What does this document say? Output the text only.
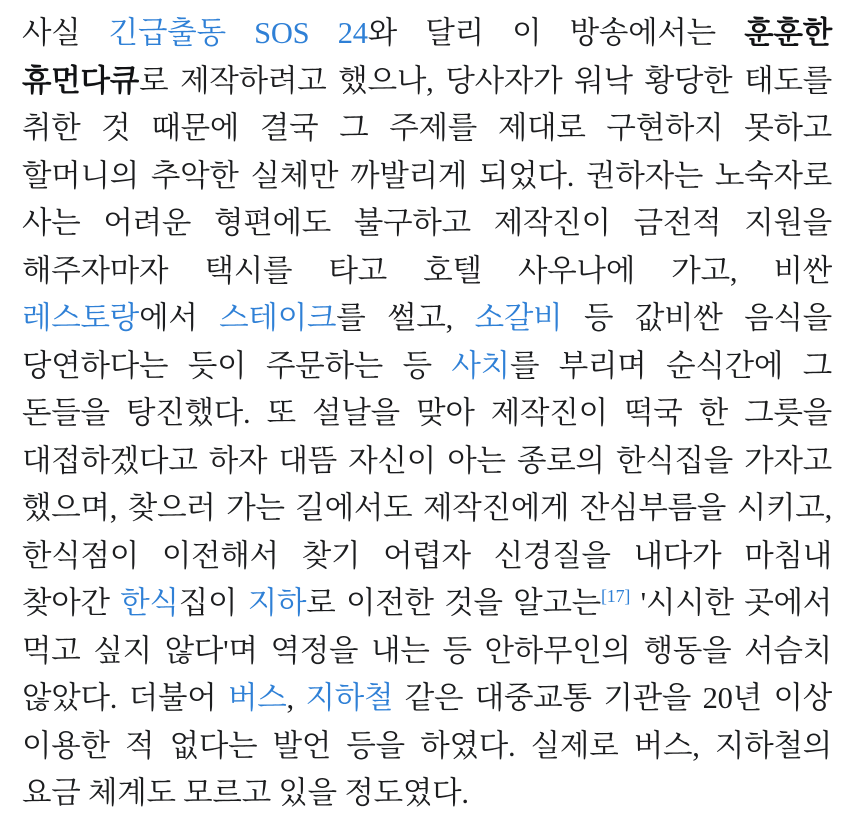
사실 긴급출동 SOS 24와 달리 이 방송에서는 훈훈한 휴먼다큐로 제작하려고 했으나, 당사자가 워낙 황당한 태도를 취한 것 때문에 결국 그 주제를 제대로 구현하지 못하고 할머니의 추악한 실체만 까발리게 되었다. 권하자는 노숙자로 사는 어려운 형편에도 불구하고 제작진이 금전적 지원을 해주자마자 택시를 타고 호텔 사우나에 가고, 비싼 레스토랑에서 스테이크를 썰고, 소갈비 등 값비싼 음식을 당연하다는 듯이 주문하는 등 사치를 부리며 순식간에 그 돈들을 탕진했다. 또 설날을 맞아 제작진이 떡국 한 그릇을 대접하겠다고 하자 대뜸 자신이 아는 종로의 한식집을 가자고 했으며, 찾으러 가는 길에서도 제작진에게 잔심부름을 시키고, 한식점이 이전해서 찾기 어렵자 신경질을 내다가 마침내 찾아간 한식집이 지하로 이전한 것을 알고는[17] '시시한 곳에서 먹고 싶지 않다'며 역정을 내는 등 안하무인의 행동을 서슴치 않았다. 더불어 버스, 지하철 같은 대중교통 기관을 20년 이상 이용한 적 없다는 발언 등을 하였다. 실제로 버스, 지하철의 요금 체계도 모르고 있을 정도였다.
